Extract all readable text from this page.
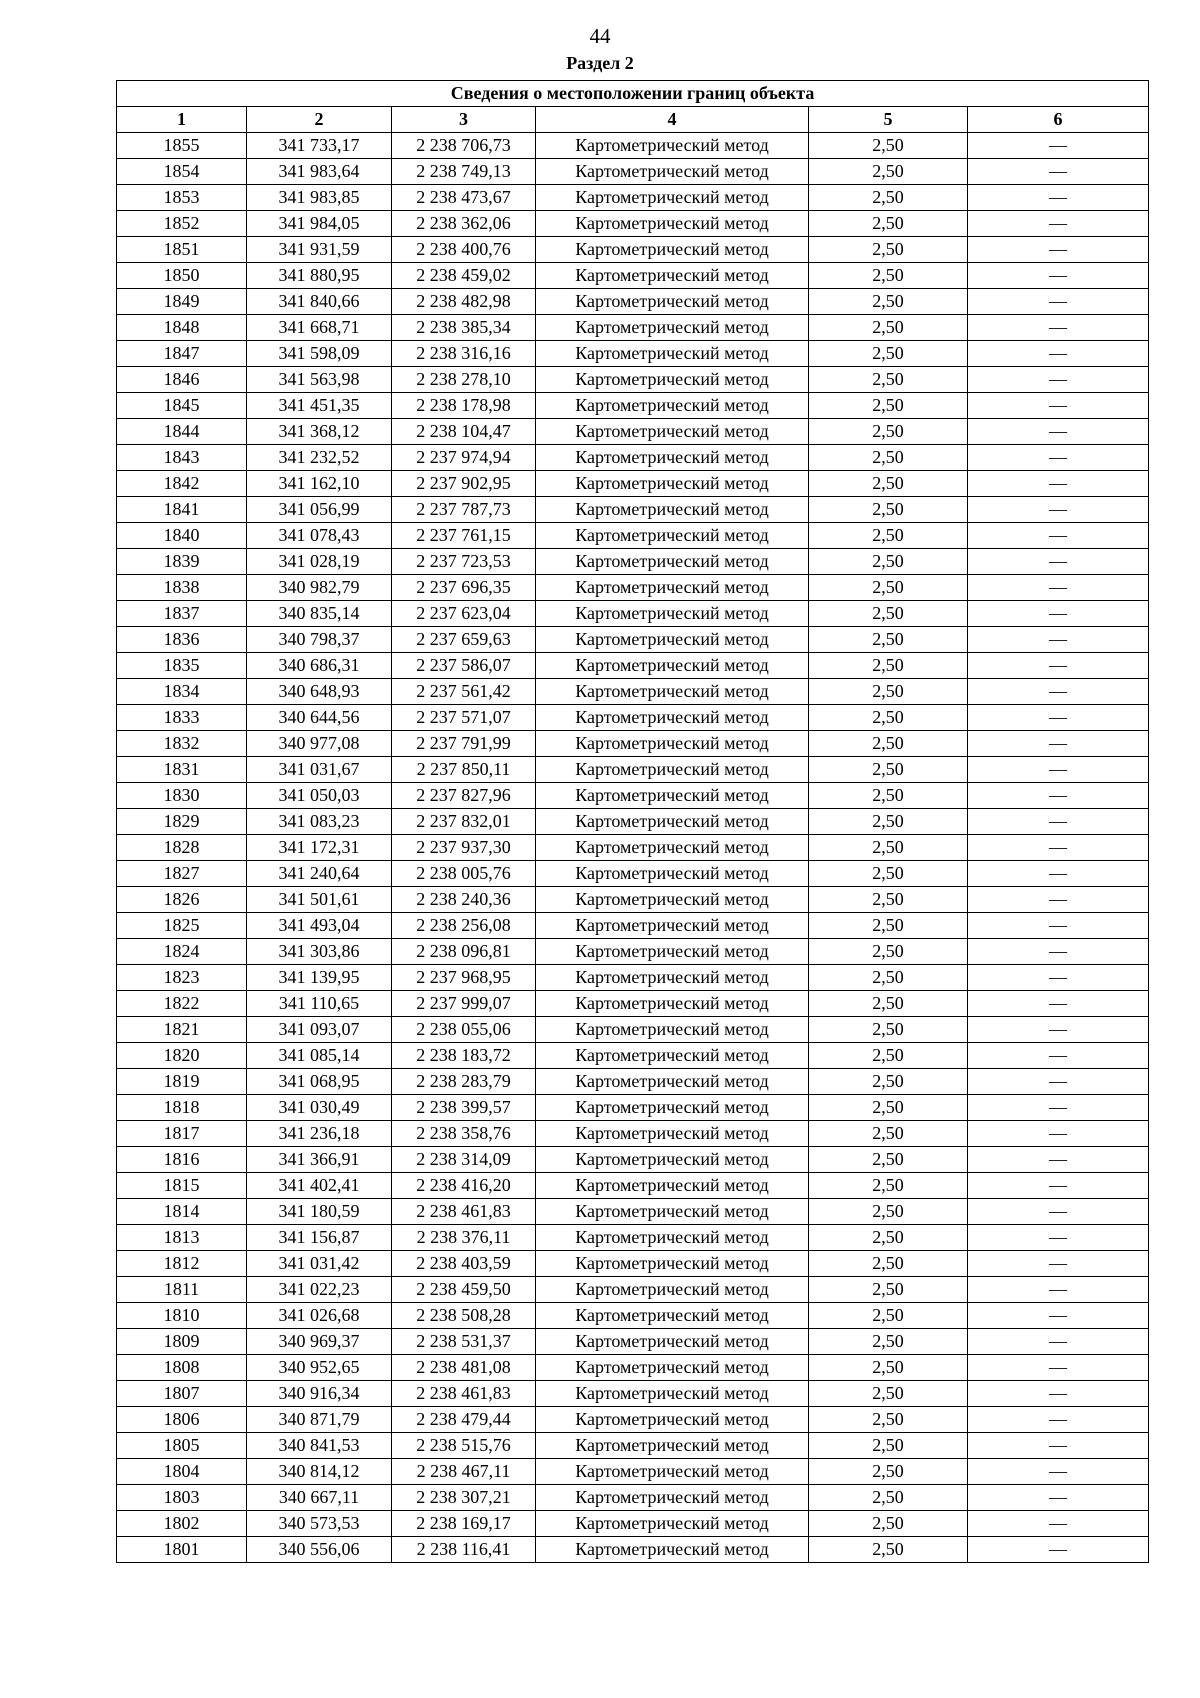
44
Раздел 2
Сведения о местоположении границ объекта					
1	2	3	4	5	6
1855	341 733,17	2 238 706,73	Картометрический метод	2,50	—
1854	341 983,64	2 238 749,13	Картометрический метод	2,50	—
1853	341 983,85	2 238 473,67	Картометрический метод	2,50	—
1852	341 984,05	2 238 362,06	Картометрический метод	2,50	—
1851	341 931,59	2 238 400,76	Картометрический метод	2,50	—
1850	341 880,95	2 238 459,02	Картометрический метод	2,50	—
1849	341 840,66	2 238 482,98	Картометрический метод	2,50	—
1848	341 668,71	2 238 385,34	Картометрический метод	2,50	—
1847	341 598,09	2 238 316,16	Картометрический метод	2,50	—
1846	341 563,98	2 238 278,10	Картометрический метод	2,50	—
1845	341 451,35	2 238 178,98	Картометрический метод	2,50	—
1844	341 368,12	2 238 104,47	Картометрический метод	2,50	—
1843	341 232,52	2 237 974,94	Картометрический метод	2,50	—
1842	341 162,10	2 237 902,95	Картометрический метод	2,50	—
1841	341 056,99	2 237 787,73	Картометрический метод	2,50	—
1840	341 078,43	2 237 761,15	Картометрический метод	2,50	—
1839	341 028,19	2 237 723,53	Картометрический метод	2,50	—
1838	340 982,79	2 237 696,35	Картометрический метод	2,50	—
1837	340 835,14	2 237 623,04	Картометрический метод	2,50	—
1836	340 798,37	2 237 659,63	Картометрический метод	2,50	—
1835	340 686,31	2 237 586,07	Картометрический метод	2,50	—
1834	340 648,93	2 237 561,42	Картометрический метод	2,50	—
1833	340 644,56	2 237 571,07	Картометрический метод	2,50	—
1832	340 977,08	2 237 791,99	Картометрический метод	2,50	—
1831	341 031,67	2 237 850,11	Картометрический метод	2,50	—
1830	341 050,03	2 237 827,96	Картометрический метод	2,50	—
1829	341 083,23	2 237 832,01	Картометрический метод	2,50	—
1828	341 172,31	2 237 937,30	Картометрический метод	2,50	—
1827	341 240,64	2 238 005,76	Картометрический метод	2,50	—
1826	341 501,61	2 238 240,36	Картометрический метод	2,50	—
1825	341 493,04	2 238 256,08	Картометрический метод	2,50	—
1824	341 303,86	2 238 096,81	Картометрический метод	2,50	—
1823	341 139,95	2 237 968,95	Картометрический метод	2,50	—
1822	341 110,65	2 237 999,07	Картометрический метод	2,50	—
1821	341 093,07	2 238 055,06	Картометрический метод	2,50	—
1820	341 085,14	2 238 183,72	Картометрический метод	2,50	—
1819	341 068,95	2 238 283,79	Картометрический метод	2,50	—
1818	341 030,49	2 238 399,57	Картометрический метод	2,50	—
1817	341 236,18	2 238 358,76	Картометрический метод	2,50	—
1816	341 366,91	2 238 314,09	Картометрический метод	2,50	—
1815	341 402,41	2 238 416,20	Картометрический метод	2,50	—
1814	341 180,59	2 238 461,83	Картометрический метод	2,50	—
1813	341 156,87	2 238 376,11	Картометрический метод	2,50	—
1812	341 031,42	2 238 403,59	Картометрический метод	2,50	—
1811	341 022,23	2 238 459,50	Картометрический метод	2,50	—
1810	341 026,68	2 238 508,28	Картометрический метод	2,50	—
1809	340 969,37	2 238 531,37	Картометрический метод	2,50	—
1808	340 952,65	2 238 481,08	Картометрический метод	2,50	—
1807	340 916,34	2 238 461,83	Картометрический метод	2,50	—
1806	340 871,79	2 238 479,44	Картометрический метод	2,50	—
1805	340 841,53	2 238 515,76	Картометрический метод	2,50	—
1804	340 814,12	2 238 467,11	Картометрический метод	2,50	—
1803	340 667,11	2 238 307,21	Картометрический метод	2,50	—
1802	340 573,53	2 238 169,17	Картометрический метод	2,50	—
1801	340 556,06	2 238 116,41	Картометрический метод	2,50	—
